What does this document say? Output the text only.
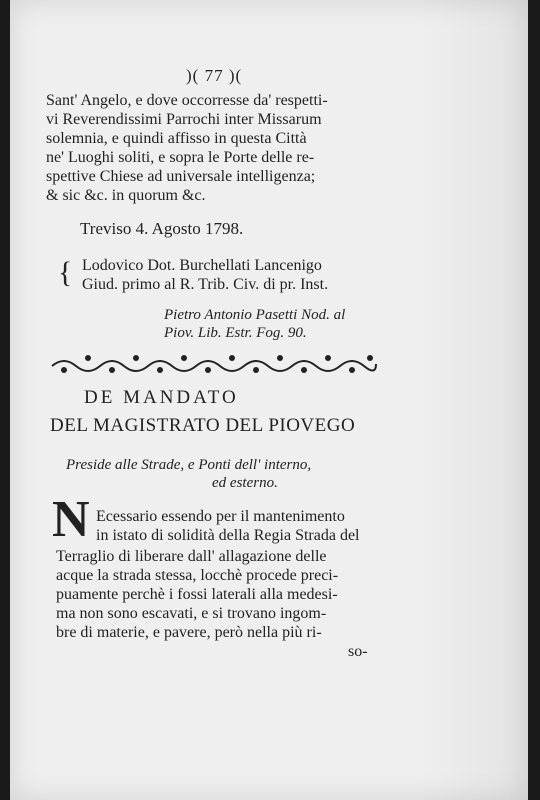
)( 77 )(
Sant' Angelo, e dove occorresse da' respetti-
vi Reverendissimi Parrochi inter Missarum
solemnia, e quindi affisso in questa Città
ne' Luoghi soliti, e sopra le Porte delle re-
spettive Chiese ad universale intelligenza;
& sic &c. in quorum &c.
Treviso 4. Agosto 1798.
{ Lodovico Dot. Burchellati Lancenigo
Giud. primo al R. Trib. Civ. di pr. Inst.
Pietro Antonio Pasetti Nod. al
Piov. Lib. Estr. Fog. 90.
DE MANDATO
DEL MAGISTRATO DEL PIOVEGO
Preside alle Strade, e Ponti dell' interno,
ed esterno.
N Ecessario essendo per il mantenimento
in istato di solidità della Regia Strada del
Terraglio di liberare dall' allagazione delle
acque la strada stessa, locchè procede preci-
puamente perchè i fossi laterali alla medesi-
ma non sono escavati, e si trovano ingom-
bre di materie, e pavere, però nella più ri-
so-
